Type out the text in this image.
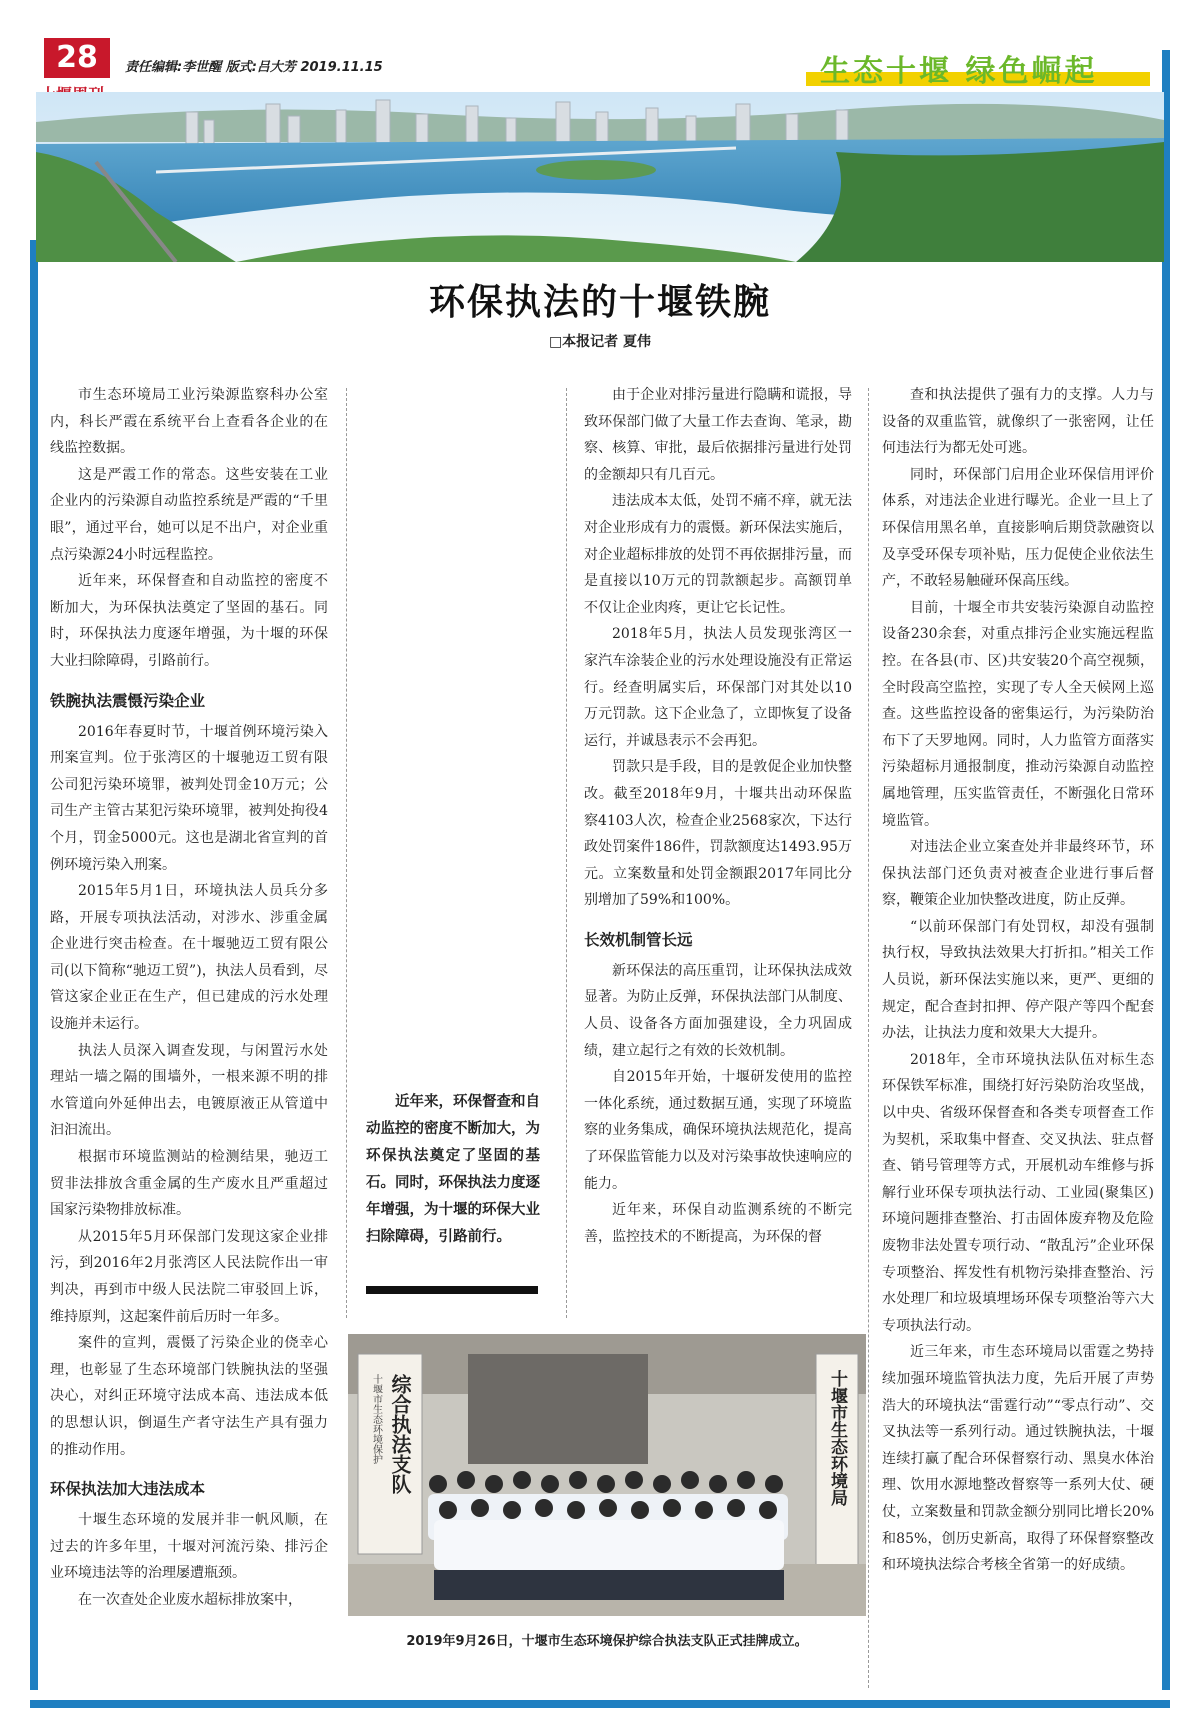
28	责任编辑:李世醒 版式:吕大芳 2019.11.15	生态十堰 绿色崛起
环保执法的十堰铁腕
□本报记者 夏伟

市生态环境局工业污染源监察科办公室内，科长严霞在系统平台上查看各企业的在线监控数据。

这是严霞工作的常态。这些安装在工业企业内的污染源自动监控系统是严霞的“千里眼”，通过平台，她可以足不出户，对企业重点污染源24小时远程监控。

近年来，环保督查和自动监控的密度不断加大，为环保执法奠定了坚固的基石。同时，环保执法力度逐年增强，为十堰的环保大业扫除障碍，引路前行。

铁腕执法震慑污染企业

2016年春夏时节，十堰首例环境污染入刑案宣判。位于张湾区的十堰驰迈工贸有限公司犯污染环境罪，被判处罚金10万元；公司生产主管古某犯污染环境罪，被判处拘役4个月，罚金5000元。这也是湖北省宣判的首例环境污染入刑案。

2015年5月1日，环境执法人员兵分多路，开展专项执法活动，对涉水、涉重金属企业进行突击检查。在十堰驰迈工贸有限公司(以下简称“驰迈工贸”)，执法人员看到，尽管这家企业正在生产，但已建成的污水处理设施并未运行。

执法人员深入调查发现，与闲置污水处理站一墙之隔的围墙外，一根来源不明的排水管道向外延伸出去，电镀原液正从管道中汩汩流出。

根据市环境监测站的检测结果，驰迈工贸非法排放含重金属的生产废水且严重超过国家污染物排放标准。

从2015年5月环保部门发现这家企业排污，到2016年2月张湾区人民法院作出一审判决，再到市中级人民法院二审驳回上诉，维持原判，这起案件前后历时一年多。

案件的宣判，震慑了污染企业的侥幸心理，也彰显了生态环境部门铁腕执法的坚强决心，对纠正环境守法成本高、违法成本低的思想认识，倒逼生产者守法生产具有强力的推动作用。

环保执法加大违法成本

十堰生态环境的发展并非一帆风顺，在过去的许多年里，十堰对河流污染、排污企业环境违法等的治理屡遭瓶颈。

在一次查处企业废水超标排放案中，

由于企业对排污量进行隐瞒和谎报，导致环保部门做了大量工作去查询、笔录，勘察、核算、审批，最后依据排污量进行处罚的金额却只有几百元。

违法成本太低，处罚不痛不痒，就无法对企业形成有力的震慑。新环保法实施后，对企业超标排放的处罚不再依据排污量，而是直接以10万元的罚款额起步。高额罚单不仅让企业肉疼，更让它长记性。

2018年5月，执法人员发现张湾区一家汽车涂装企业的污水处理设施没有正常运行。经查明属实后，环保部门对其处以10万元罚款。这下企业急了，立即恢复了设备运行，并诚恳表示不会再犯。

罚款只是手段，目的是敦促企业加快整改。截至2018年9月，十堰共出动环保监察4103人次，检查企业2568家次，下达行政处罚案件186件，罚款额度达1493.95万元。立案数量和处罚金额跟2017年同比分别增加了59%和100%。

长效机制管长远

新环保法的高压重罚，让环保执法成效显著。为防止反弹，环保执法部门从制度、人员、设备各方面加强建设，全力巩固成绩，建立起行之有效的长效机制。

自2015年开始，十堰研发使用的监控一体化系统，通过数据互通，实现了环境监察的业务集成，确保环境执法规范化，提高了环保监管能力以及对污染事故快速响应的能力。

近年来，环保自动监测系统的不断完善，监控技术的不断提高，为环保的督

查和执法提供了强有力的支撑。人力与设备的双重监管，就像织了一张密网，让任何违法行为都无处可逃。

同时，环保部门启用企业环保信用评价体系，对违法企业进行曝光。企业一旦上了环保信用黑名单，直接影响后期贷款融资以及享受环保专项补贴，压力促使企业依法生产，不敢轻易触碰环保高压线。

目前，十堰全市共安装污染源自动监控设备230余套，对重点排污企业实施远程监控。在各县(市、区)共安装20个高空视频，全时段高空监控，实现了专人全天候网上巡查。这些监控设备的密集运行，为污染防治布下了天罗地网。同时，人力监管方面落实污染超标月通报制度，推动污染源自动监控属地管理，压实监管责任，不断强化日常环境监管。

对违法企业立案查处并非最终环节，环保执法部门还负责对被查企业进行事后督察，鞭策企业加快整改进度，防止反弹。

“以前环保部门有处罚权，却没有强制执行权，导致执法效果大打折扣。”相关工作人员说，新环保法实施以来，更严、更细的规定，配合查封扣押、停产限产等四个配套办法，让执法力度和效果大大提升。

2018年，全市环境执法队伍对标生态环保铁军标准，围绕打好污染防治攻坚战，以中央、省级环保督查和各类专项督查工作为契机，采取集中督查、交叉执法、驻点督查、销号管理等方式，开展机动车维修与拆解行业环保专项执法行动、工业园(聚集区)环境问题排查整治、打击固体废弃物及危险废物非法处置专项行动、“散乱污”企业环保专项整治、挥发性有机物污染排查整治、污水处理厂和垃圾填埋场环保专项整治等六大专项执法行动。

近三年来，市生态环境局以雷霆之势持续加强环境监管执法力度，先后开展了声势浩大的环境执法“雷霆行动”“零点行动”、交叉执法等一系列行动。通过铁腕执法，十堰连续打赢了配合环保督察行动、黑臭水体治理、饮用水源地整改督察等一系列大仗、硬仗，立案数量和罚款金额分别同比增长20%和85%，创历史新高，取得了环保督察整改和环境执法综合考核全省第一的好成绩。

近年来，环保督查和自动监控的密度不断加大，为环保执法奠定了坚固的基石。同时，环保执法力度逐年增强，为十堰的环保大业扫除障碍，引路前行。

十堰市生态环境保护 综合执法支队	十堰市生态环境局
2019年9月26日，十堰市生态环境保护综合执法支队正式挂牌成立。
